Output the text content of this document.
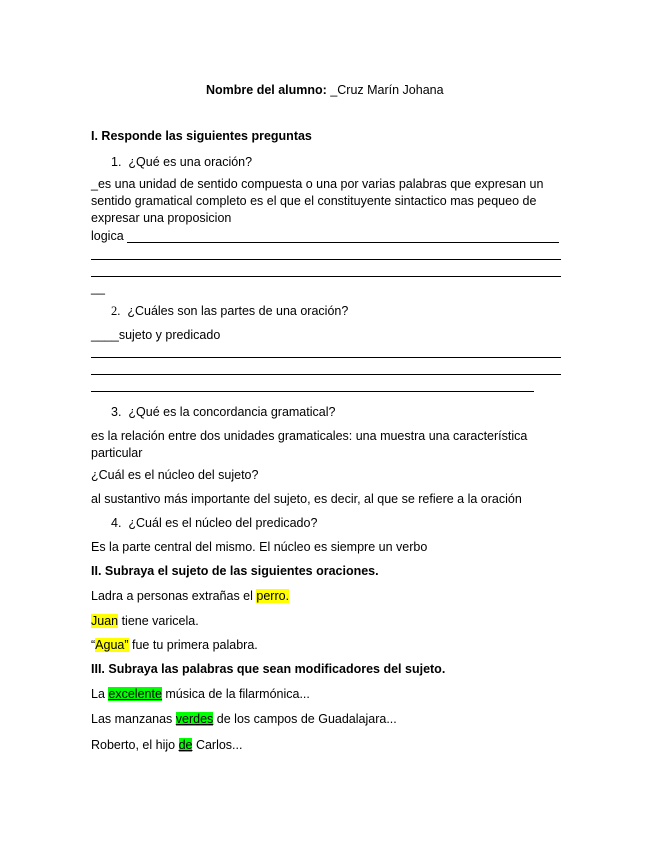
Nombre del alumno: _Cruz Marín Johana
I. Responde las siguientes preguntas
1. ¿Qué es una oración?
_es una unidad de sentido compuesta o una por varias palabras que expresan un
sentido gramatical completo es el que el constituyente sintactico mas pequeo de
expresar una proposicion
logica
__
2. ¿Cuáles son las partes de una oración?
____sujeto y predicado
3. ¿Qué es la concordancia gramatical?
es la relación entre dos unidades gramaticales: una muestra una característica
particular
¿Cuál es el núcleo del sujeto?
al sustantivo más importante del sujeto, es decir, al que se refiere a la oración
4. ¿Cuál es el núcleo del predicado?
Es la parte central del mismo. El núcleo es siempre un verbo
II. Subraya el sujeto de las siguientes oraciones.
Ladra a personas extrañas el perro.
Juan tiene varicela.
“Agua” fue tu primera palabra.
III. Subraya las palabras que sean modificadores del sujeto.
La excelente música de la filarmónica...
Las manzanas verdes de los campos de Guadalajara...
Roberto, el hijo de Carlos...
